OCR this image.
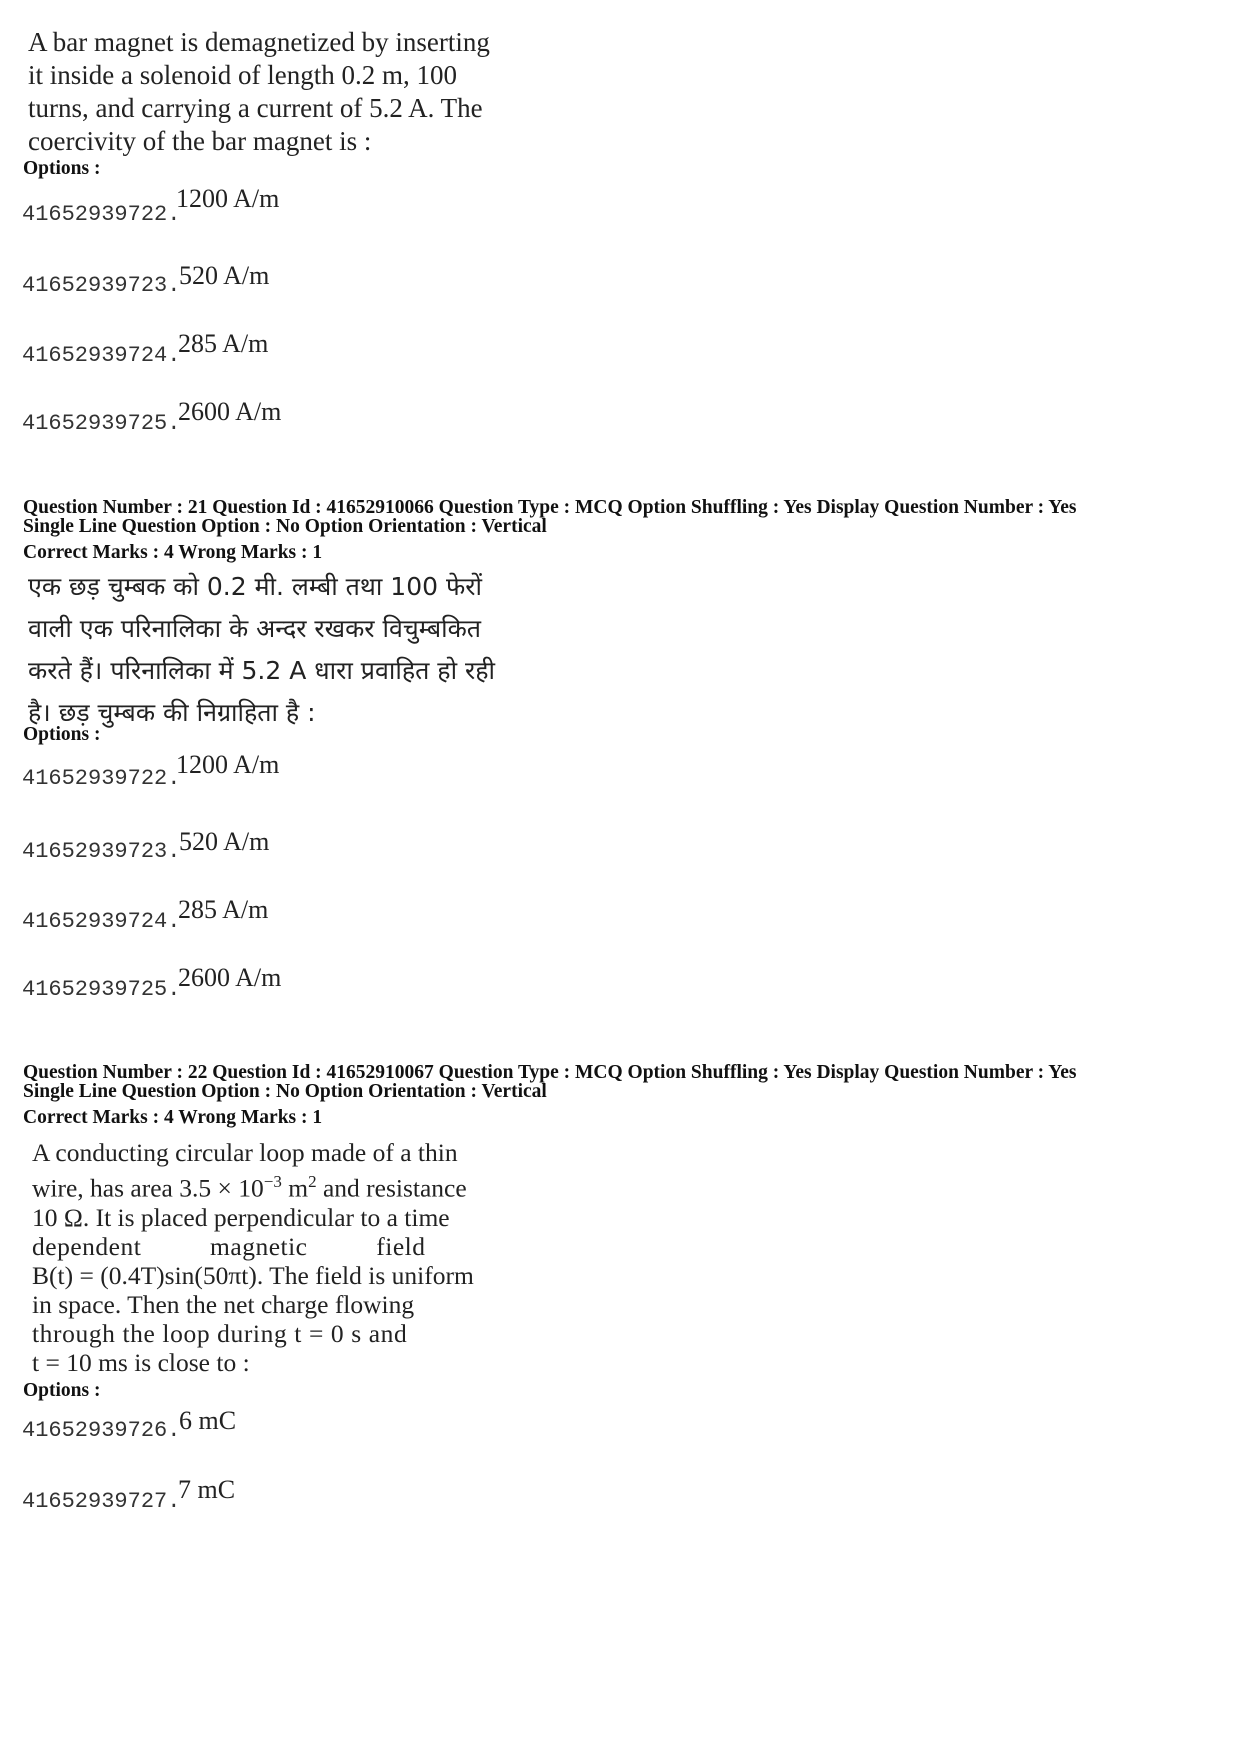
A bar magnet is demagnetized by inserting
it inside a solenoid of length 0.2 m, 100
turns, and carrying a current of 5.2 A. The
coercivity of the bar magnet is :
Options :
41652939722.
1200 A/m
41652939723.
520 A/m
41652939724.
285 A/m
41652939725.
2600 A/m
Question Number : 21 Question Id : 41652910066 Question Type : MCQ Option Shuffling : Yes Display Question Number : Yes
Single Line Question Option : No Option Orientation : Vertical
Correct Marks : 4 Wrong Marks : 1
एक छड़ चुम्बक को 0.2 मी. लम्बी तथा 100 फेरों
वाली एक परिनालिका के अन्दर रखकर विचुम्बकित
करते हैं। परिनालिका में 5.2 A धारा प्रवाहित हो रही
है। छड़ चुम्बक की निग्राहिता है :
Options :
41652939722.
1200 A/m
41652939723.
520 A/m
41652939724.
285 A/m
41652939725.
2600 A/m
Question Number : 22 Question Id : 41652910067 Question Type : MCQ Option Shuffling : Yes Display Question Number : Yes
Single Line Question Option : No Option Orientation : Vertical
Correct Marks : 4 Wrong Marks : 1
A conducting circular loop made of a thin
wire, has area $3.5 \times 10^{-3}$ $m^2$ and resistance
10 Ω. It is placed perpendicular to a time
dependent          magnetic          field
B(t) = (0.4T)sin(50πt). The field is uniform
in space. Then the net charge flowing
through the loop during t = 0 s and
t = 10 ms is close to :
Options :
41652939726.
6 mC
41652939727.
7 mC
